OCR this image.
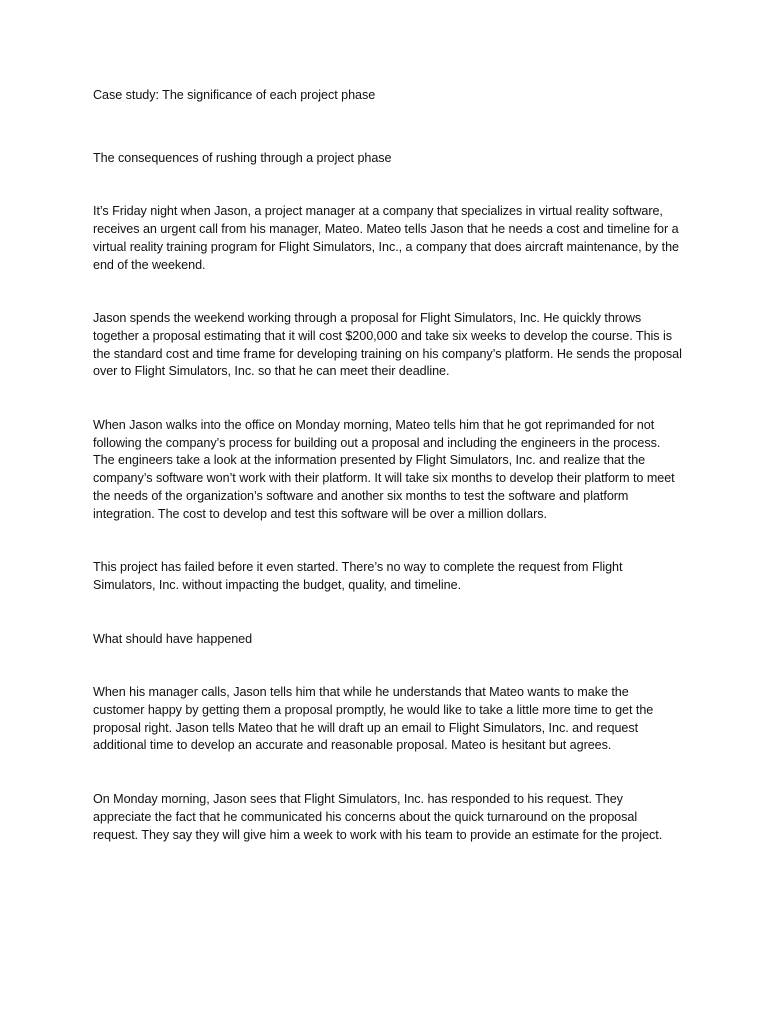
Case study: The significance of each project phase

The consequences of rushing through a project phase

It’s Friday night when Jason, a project manager at a company that specializes in virtual reality software, receives an urgent call from his manager, Mateo. Mateo tells Jason that he needs a cost and timeline for a virtual reality training program for Flight Simulators, Inc., a company that does aircraft maintenance, by the end of the weekend.

Jason spends the weekend working through a proposal for Flight Simulators, Inc. He quickly throws together a proposal estimating that it will cost $200,000 and take six weeks to develop the course. This is the standard cost and time frame for developing training on his company’s platform. He sends the proposal over to Flight Simulators, Inc. so that he can meet their deadline.

When Jason walks into the office on Monday morning, Mateo tells him that he got reprimanded for not following the company’s process for building out a proposal and including the engineers in the process. The engineers take a look at the information presented by Flight Simulators, Inc. and realize that the company’s software won’t work with their platform. It will take six months to develop their platform to meet the needs of the organization’s software and another six months to test the software and platform integration. The cost to develop and test this software will be over a million dollars.

This project has failed before it even started. There’s no way to complete the request from Flight Simulators, Inc. without impacting the budget, quality, and timeline.

What should have happened

When his manager calls, Jason tells him that while he understands that Mateo wants to make the customer happy by getting them a proposal promptly, he would like to take a little more time to get the proposal right. Jason tells Mateo that he will draft up an email to Flight Simulators, Inc. and request additional time to develop an accurate and reasonable proposal. Mateo is hesitant but agrees.

On Monday morning, Jason sees that Flight Simulators, Inc. has responded to his request. They appreciate the fact that he communicated his concerns about the quick turnaround on the proposal request. They say they will give him a week to work with his team to provide an estimate for the project.
